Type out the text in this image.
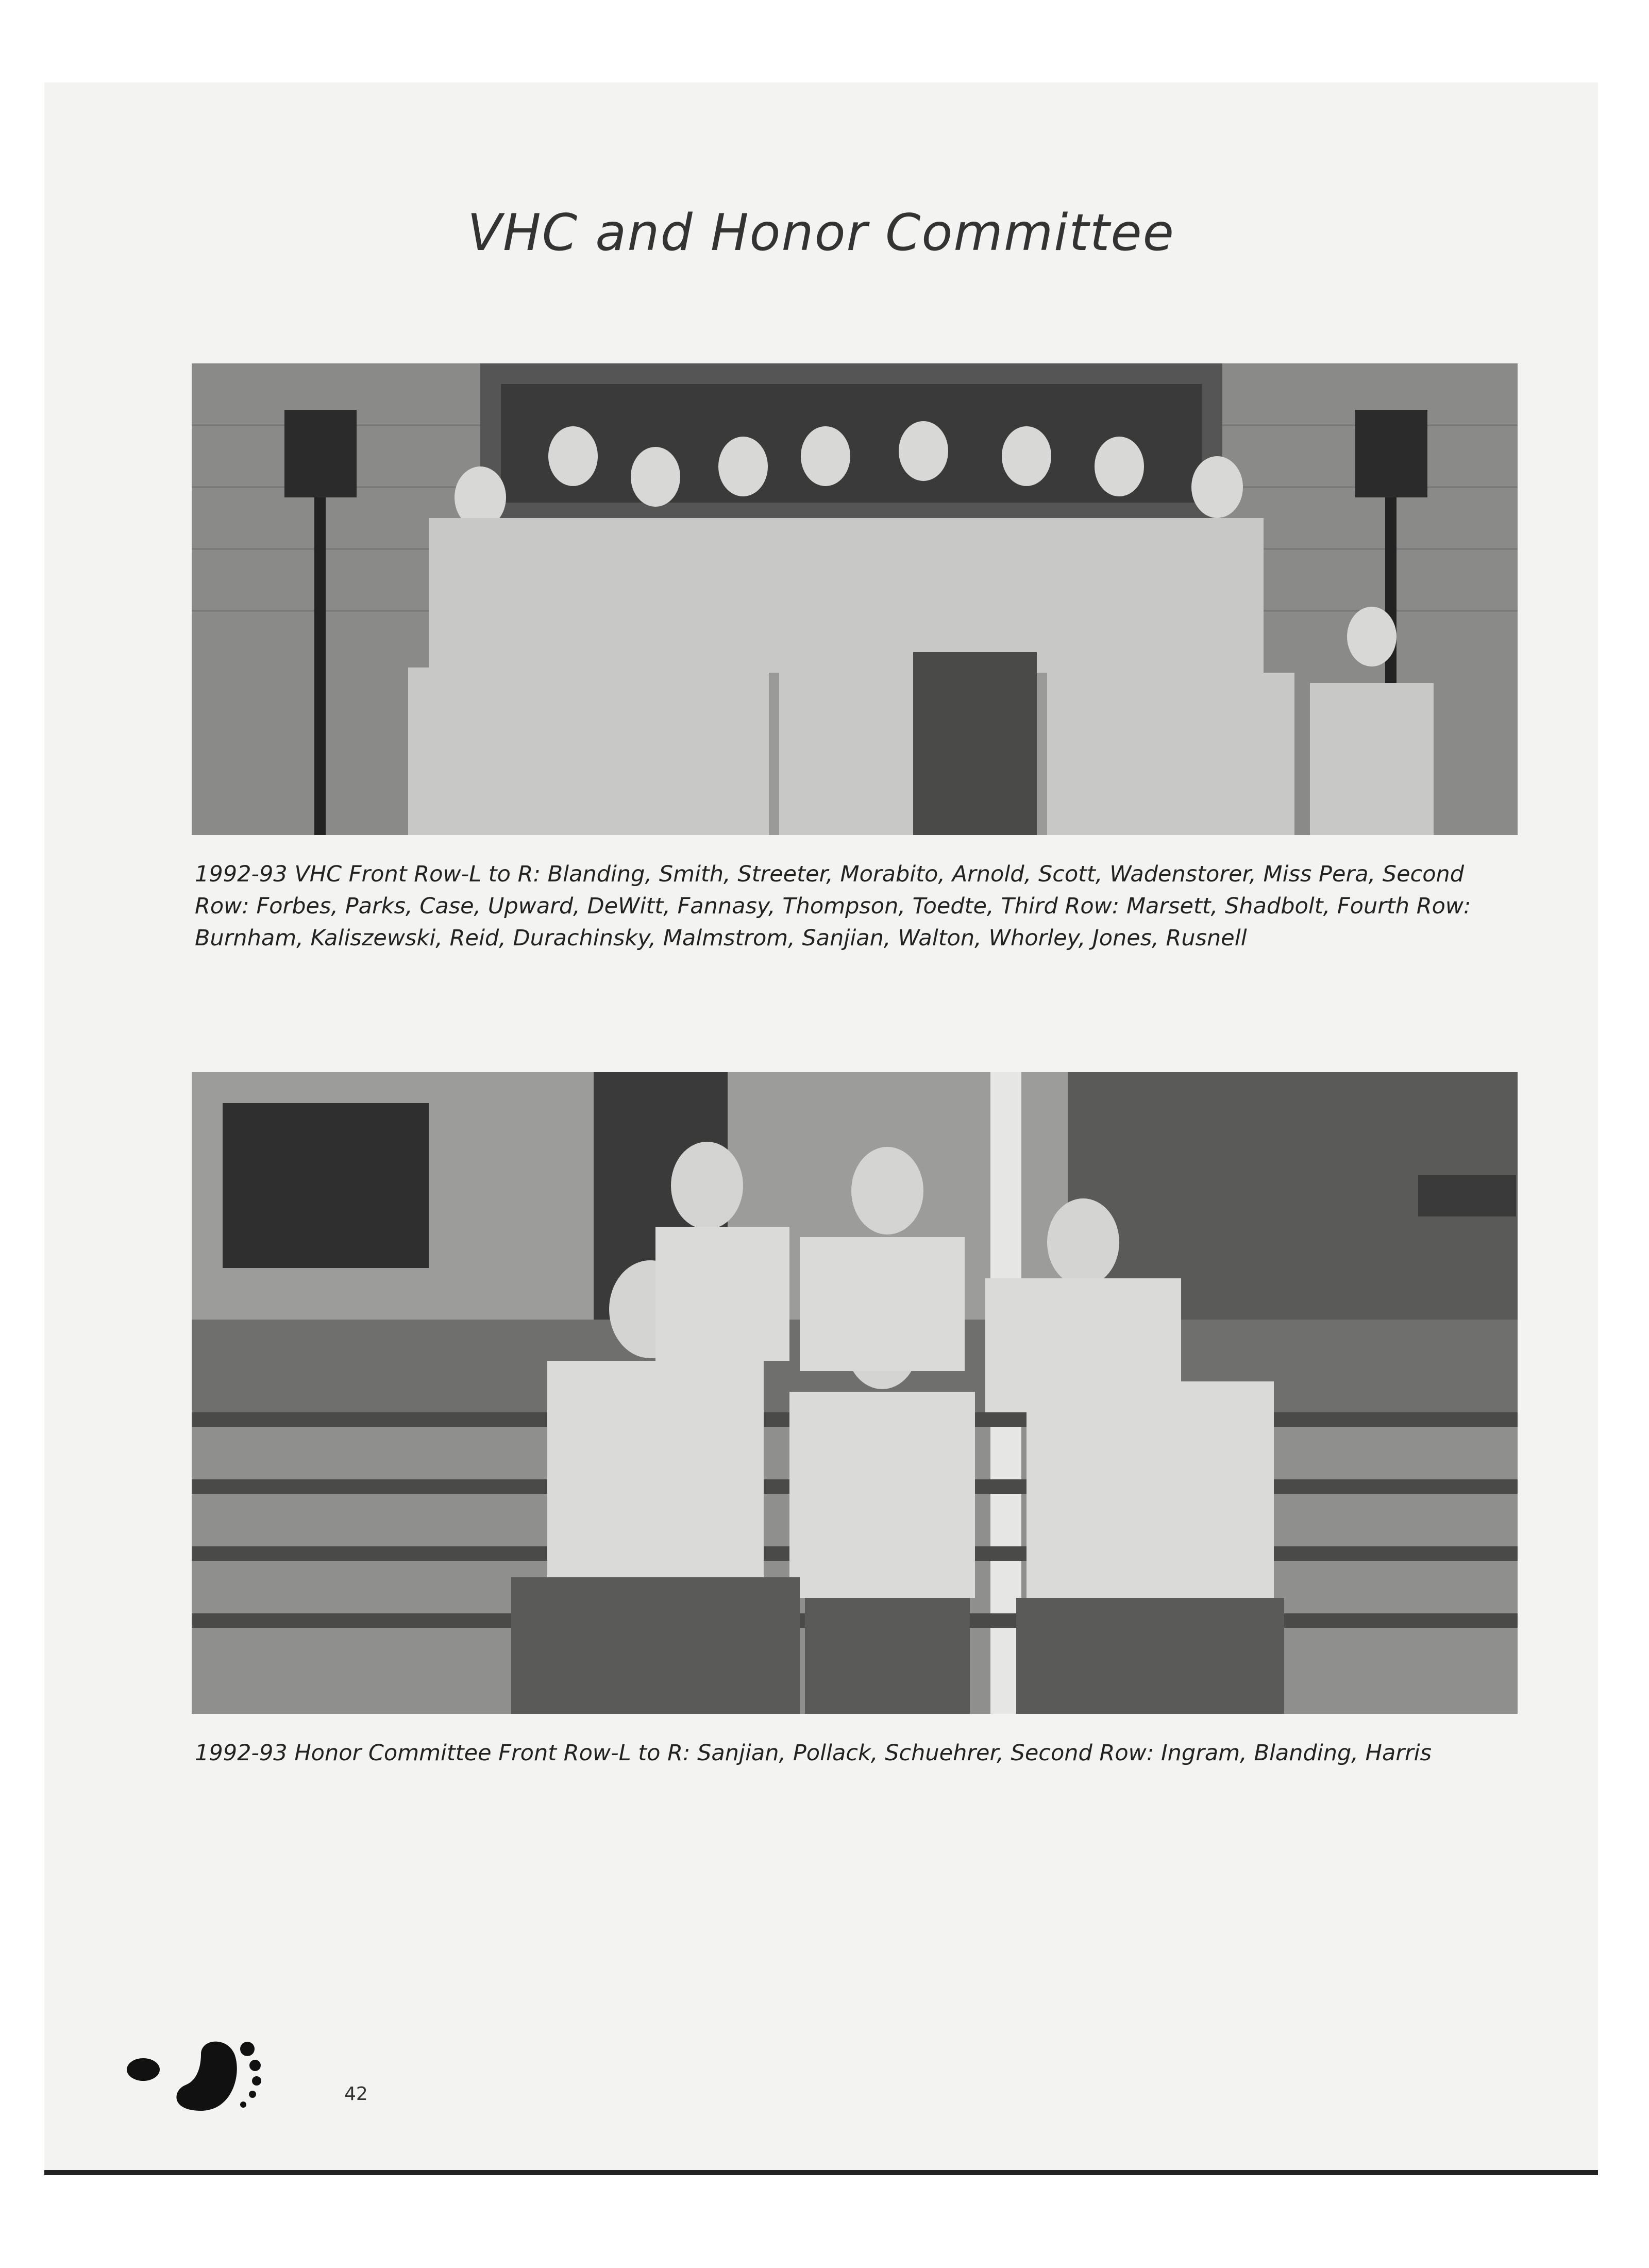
VHC and Honor Committee
1992-93 VHC Front Row-L to R: Blanding, Smith, Streeter, Morabito, Arnold, Scott, Wadenstorer, Miss Pera, Second Row: Forbes, Parks, Case, Upward, DeWitt, Fannasy, Thompson, Toedte, Third Row: Marsett, Shadbolt, Fourth Row: Burnham, Kaliszewski, Reid, Durachinsky, Malmstrom, Sanjian, Walton, Whorley, Jones, Rusnell
1992-93 Honor Committee Front Row-L to R: Sanjian, Pollack, Schuehrer, Second Row: Ingram, Blanding, Harris
42
